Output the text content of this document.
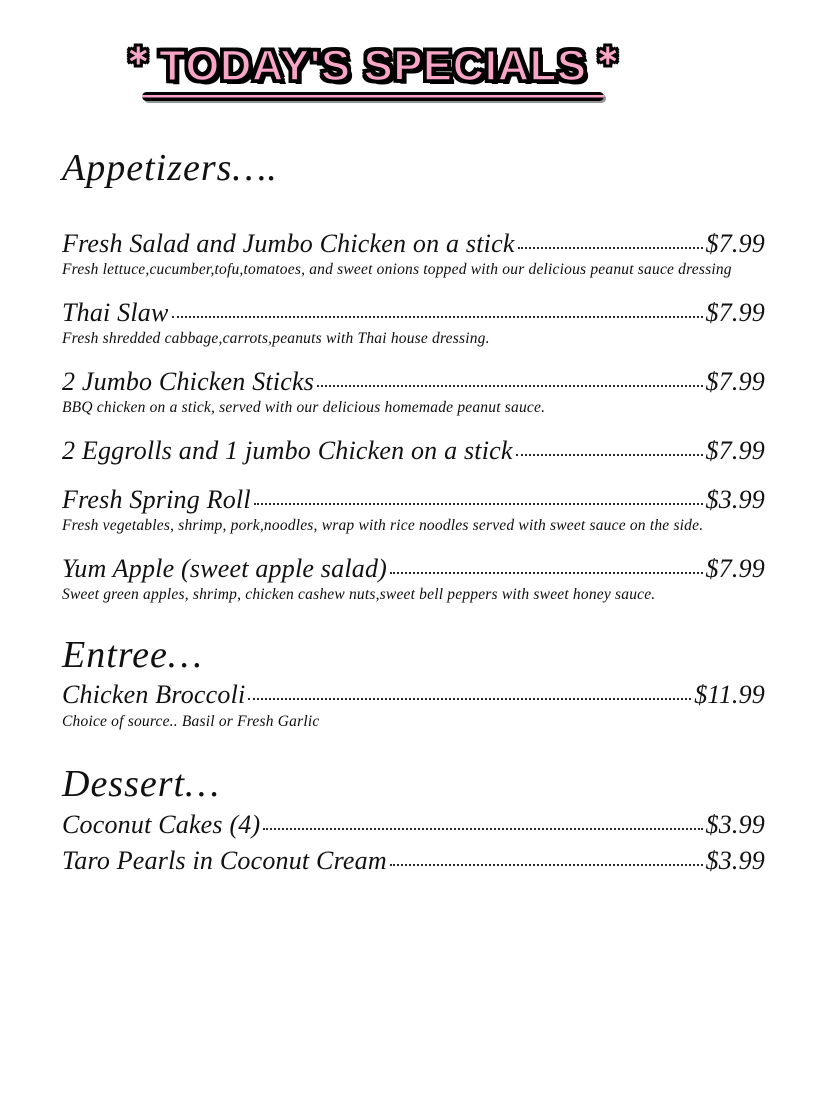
✱ TODAY'S SPECIALS ✱
Appetizers….
Fresh Salad and Jumbo Chicken on a stick	$7.99
Fresh lettuce,cucumber,tofu,tomatoes, and sweet onions topped with our delicious peanut sauce dressing
Thai Slaw	$7.99
Fresh shredded cabbage,carrots,peanuts with Thai house dressing.
2 Jumbo Chicken Sticks	$7.99
BBQ chicken on a stick, served with our delicious homemade peanut sauce.
2 Eggrolls and 1 jumbo Chicken on a stick	$7.99
Fresh Spring Roll	$3.99
Fresh vegetables, shrimp, pork,noodles, wrap with rice noodles served with sweet sauce on the side.
Yum Apple (sweet apple salad)	$7.99
Sweet green apples, shrimp, chicken cashew nuts,sweet bell peppers with sweet honey sauce.
Entree…
Chicken Broccoli	$11.99
Choice of source.. Basil or Fresh Garlic
Dessert…
Coconut Cakes (4)	$3.99
Taro Pearls in Coconut Cream	$3.99
